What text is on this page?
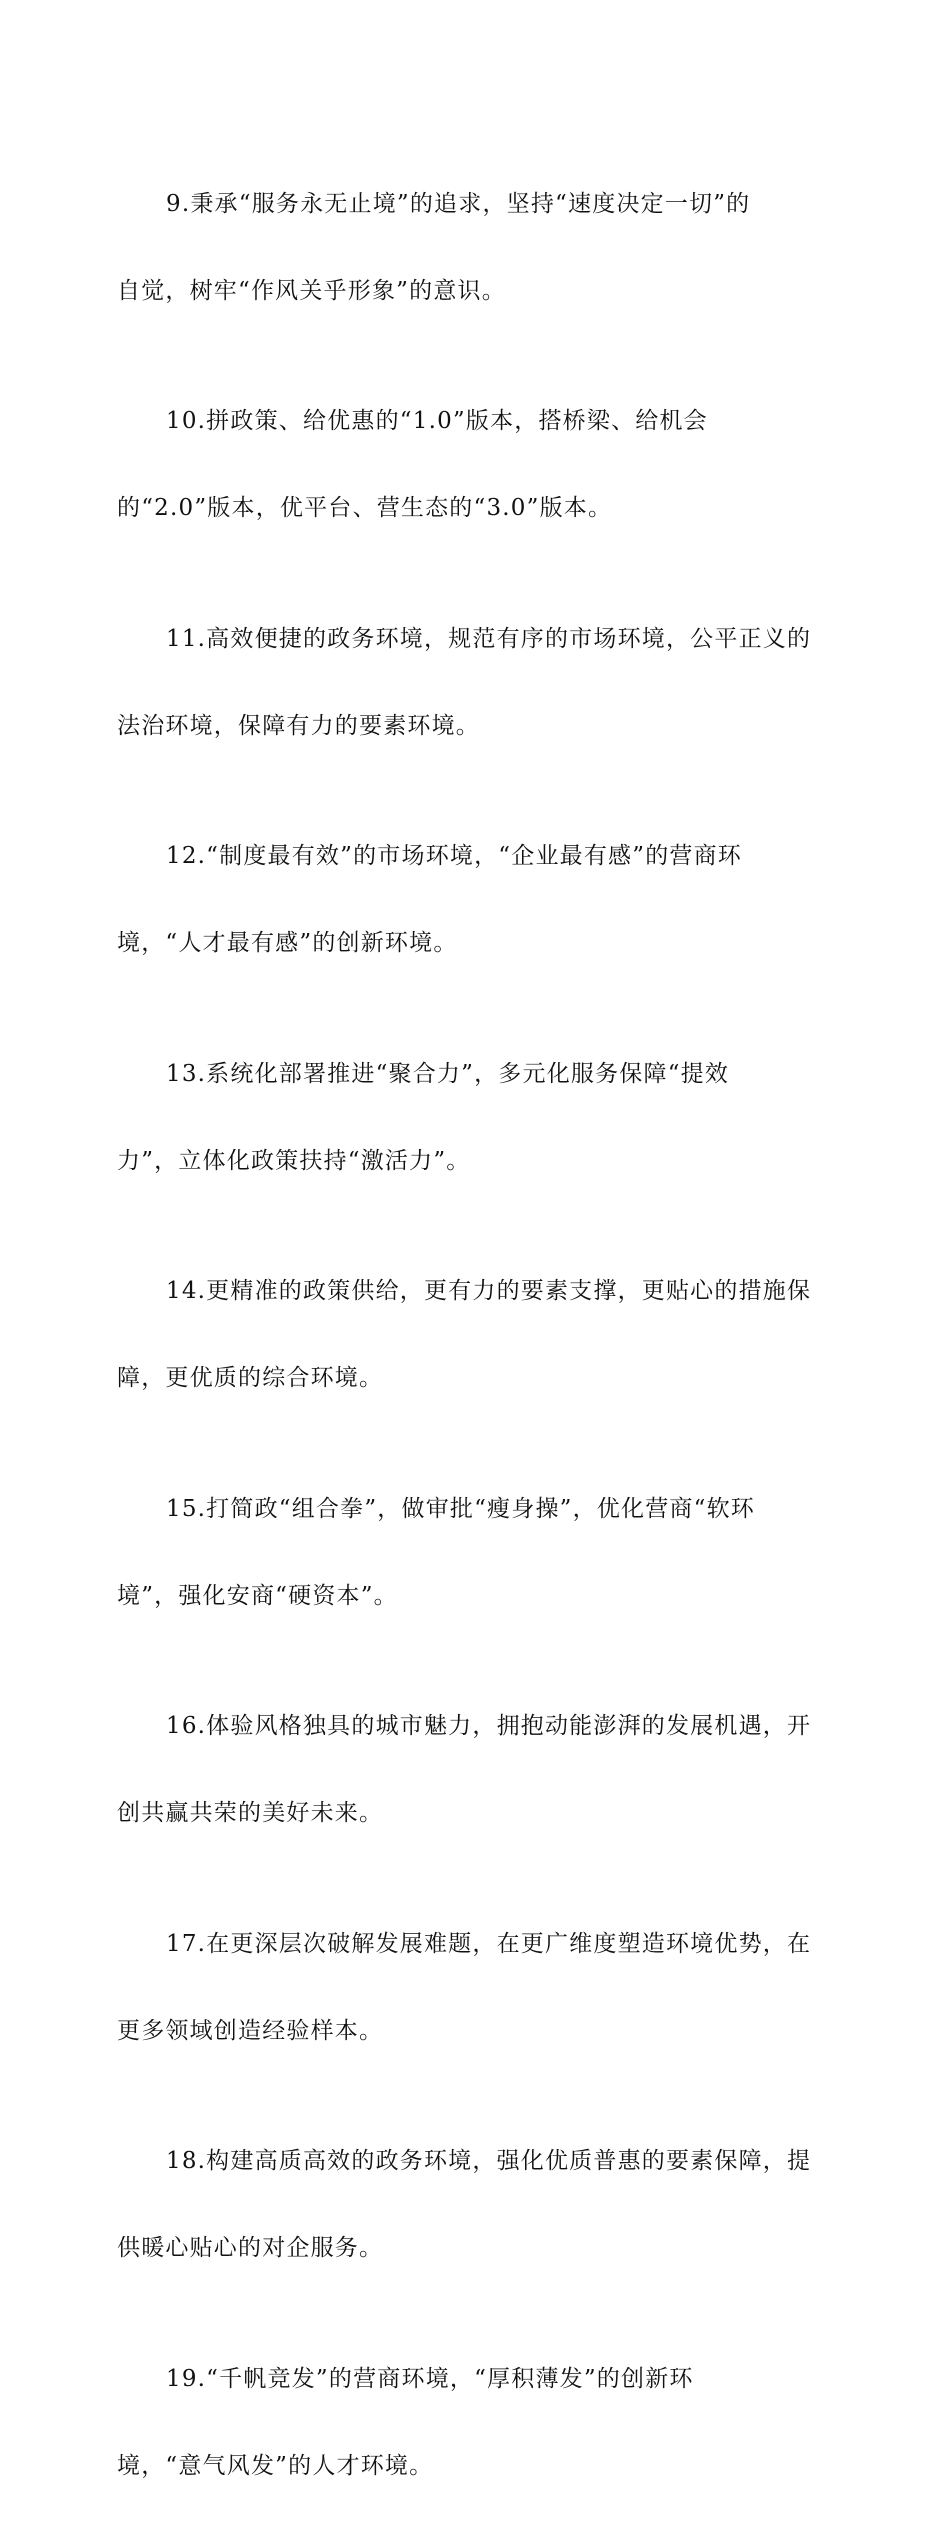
9.秉承“服务永无止境”的追求，坚持“速度决定一切”的

自觉，树牢“作风关乎形象”的意识。

10.拼政策、给优惠的“1.0”版本，搭桥梁、给机会

的“2.0”版本，优平台、营生态的“3.0”版本。

11.高效便捷的政务环境，规范有序的市场环境，公平正义的

法治环境，保障有力的要素环境。

12.“制度最有效”的市场环境，“企业最有感”的营商环

境，“人才最有感”的创新环境。

13.系统化部署推进“聚合力”，多元化服务保障“提效

力”，立体化政策扶持“激活力”。

14.更精准的政策供给，更有力的要素支撑，更贴心的措施保

障，更优质的综合环境。

15.打简政“组合拳”，做审批“瘦身操”，优化营商“软环

境”，强化安商“硬资本”。

16.体验风格独具的城市魅力，拥抱动能澎湃的发展机遇，开

创共赢共荣的美好未来。

17.在更深层次破解发展难题，在更广维度塑造环境优势，在

更多领域创造经验样本。

18.构建高质高效的政务环境，强化优质普惠的要素保障，提

供暖心贴心的对企服务。

19.“千帆竞发”的营商环境，“厚积薄发”的创新环

境，“意气风发”的人才环境。
